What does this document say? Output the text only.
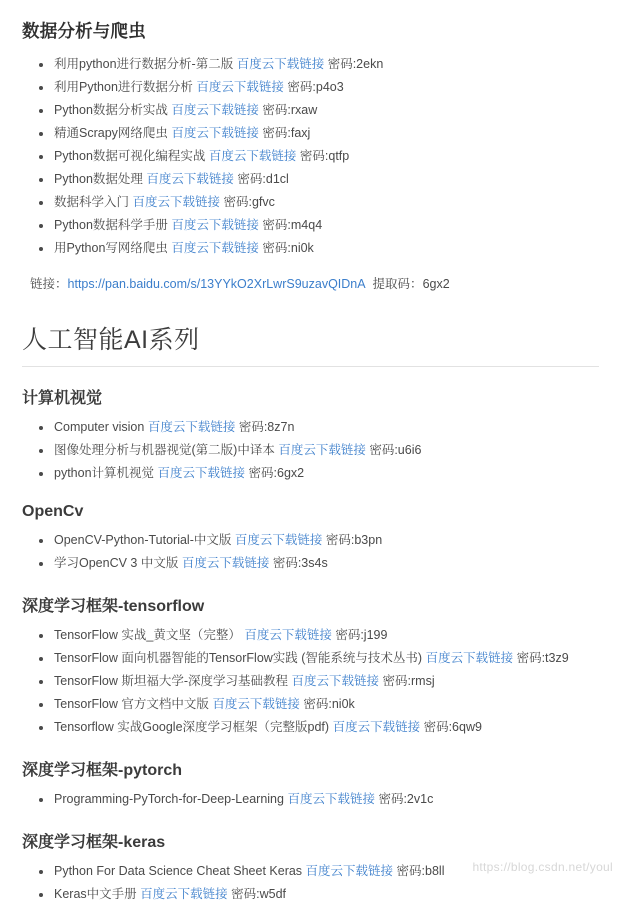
数据分析与爬虫
利用python进行数据分析-第二版 百度云下载链接 密码:2ekn
利用Python进行数据分析 百度云下载链接 密码:p4o3
Python数据分析实战 百度云下载链接 密码:rxaw
精通Scrapy网络爬虫 百度云下载链接 密码:faxj
Python数据可视化编程实战 百度云下载链接 密码:qtfp
Python数据处理 百度云下载链接 密码:d1cl
数据科学入门 百度云下载链接 密码:gfvc
Python数据科学手册 百度云下载链接 密码:m4q4
用Python写网络爬虫 百度云下载链接 密码:ni0k
链接：https://pan.baidu.com/s/13YYkO2XrLwrS9uzavQIDnA 提取码：6gx2
人工智能AI系列
计算机视觉
Computer vision 百度云下载链接 密码:8z7n
图像处理分析与机器视觉(第二版)中译本 百度云下载链接 密码:u6i6
python计算机视觉 百度云下载链接 密码:6gx2
OpenCv
OpenCV-Python-Tutorial-中文版 百度云下载链接 密码:b3pn
学习OpenCV 3 中文版 百度云下载链接 密码:3s4s
深度学习框架-tensorflow
TensorFlow 实战_黄文坚（完整） 百度云下载链接 密码:j199
TensorFlow 面向机器智能的TensorFlow实践 (智能系统与技术丛书) 百度云下载链接 密码:t3z9
TensorFlow 斯坦福大学-深度学习基础教程 百度云下载链接 密码:rmsj
TensorFlow 官方文档中文版 百度云下载链接 密码:ni0k
Tensorflow 实战Google深度学习框架（完整版pdf) 百度云下载链接 密码:6qw9
深度学习框架-pytorch
Programming-PyTorch-for-Deep-Learning 百度云下载链接 密码:2v1c
深度学习框架-keras
Python For Data Science Cheat Sheet Keras 百度云下载链接 密码:b8ll
Keras中文手册 百度云下载链接 密码:w5df
https://blog.csdn.net/youl
